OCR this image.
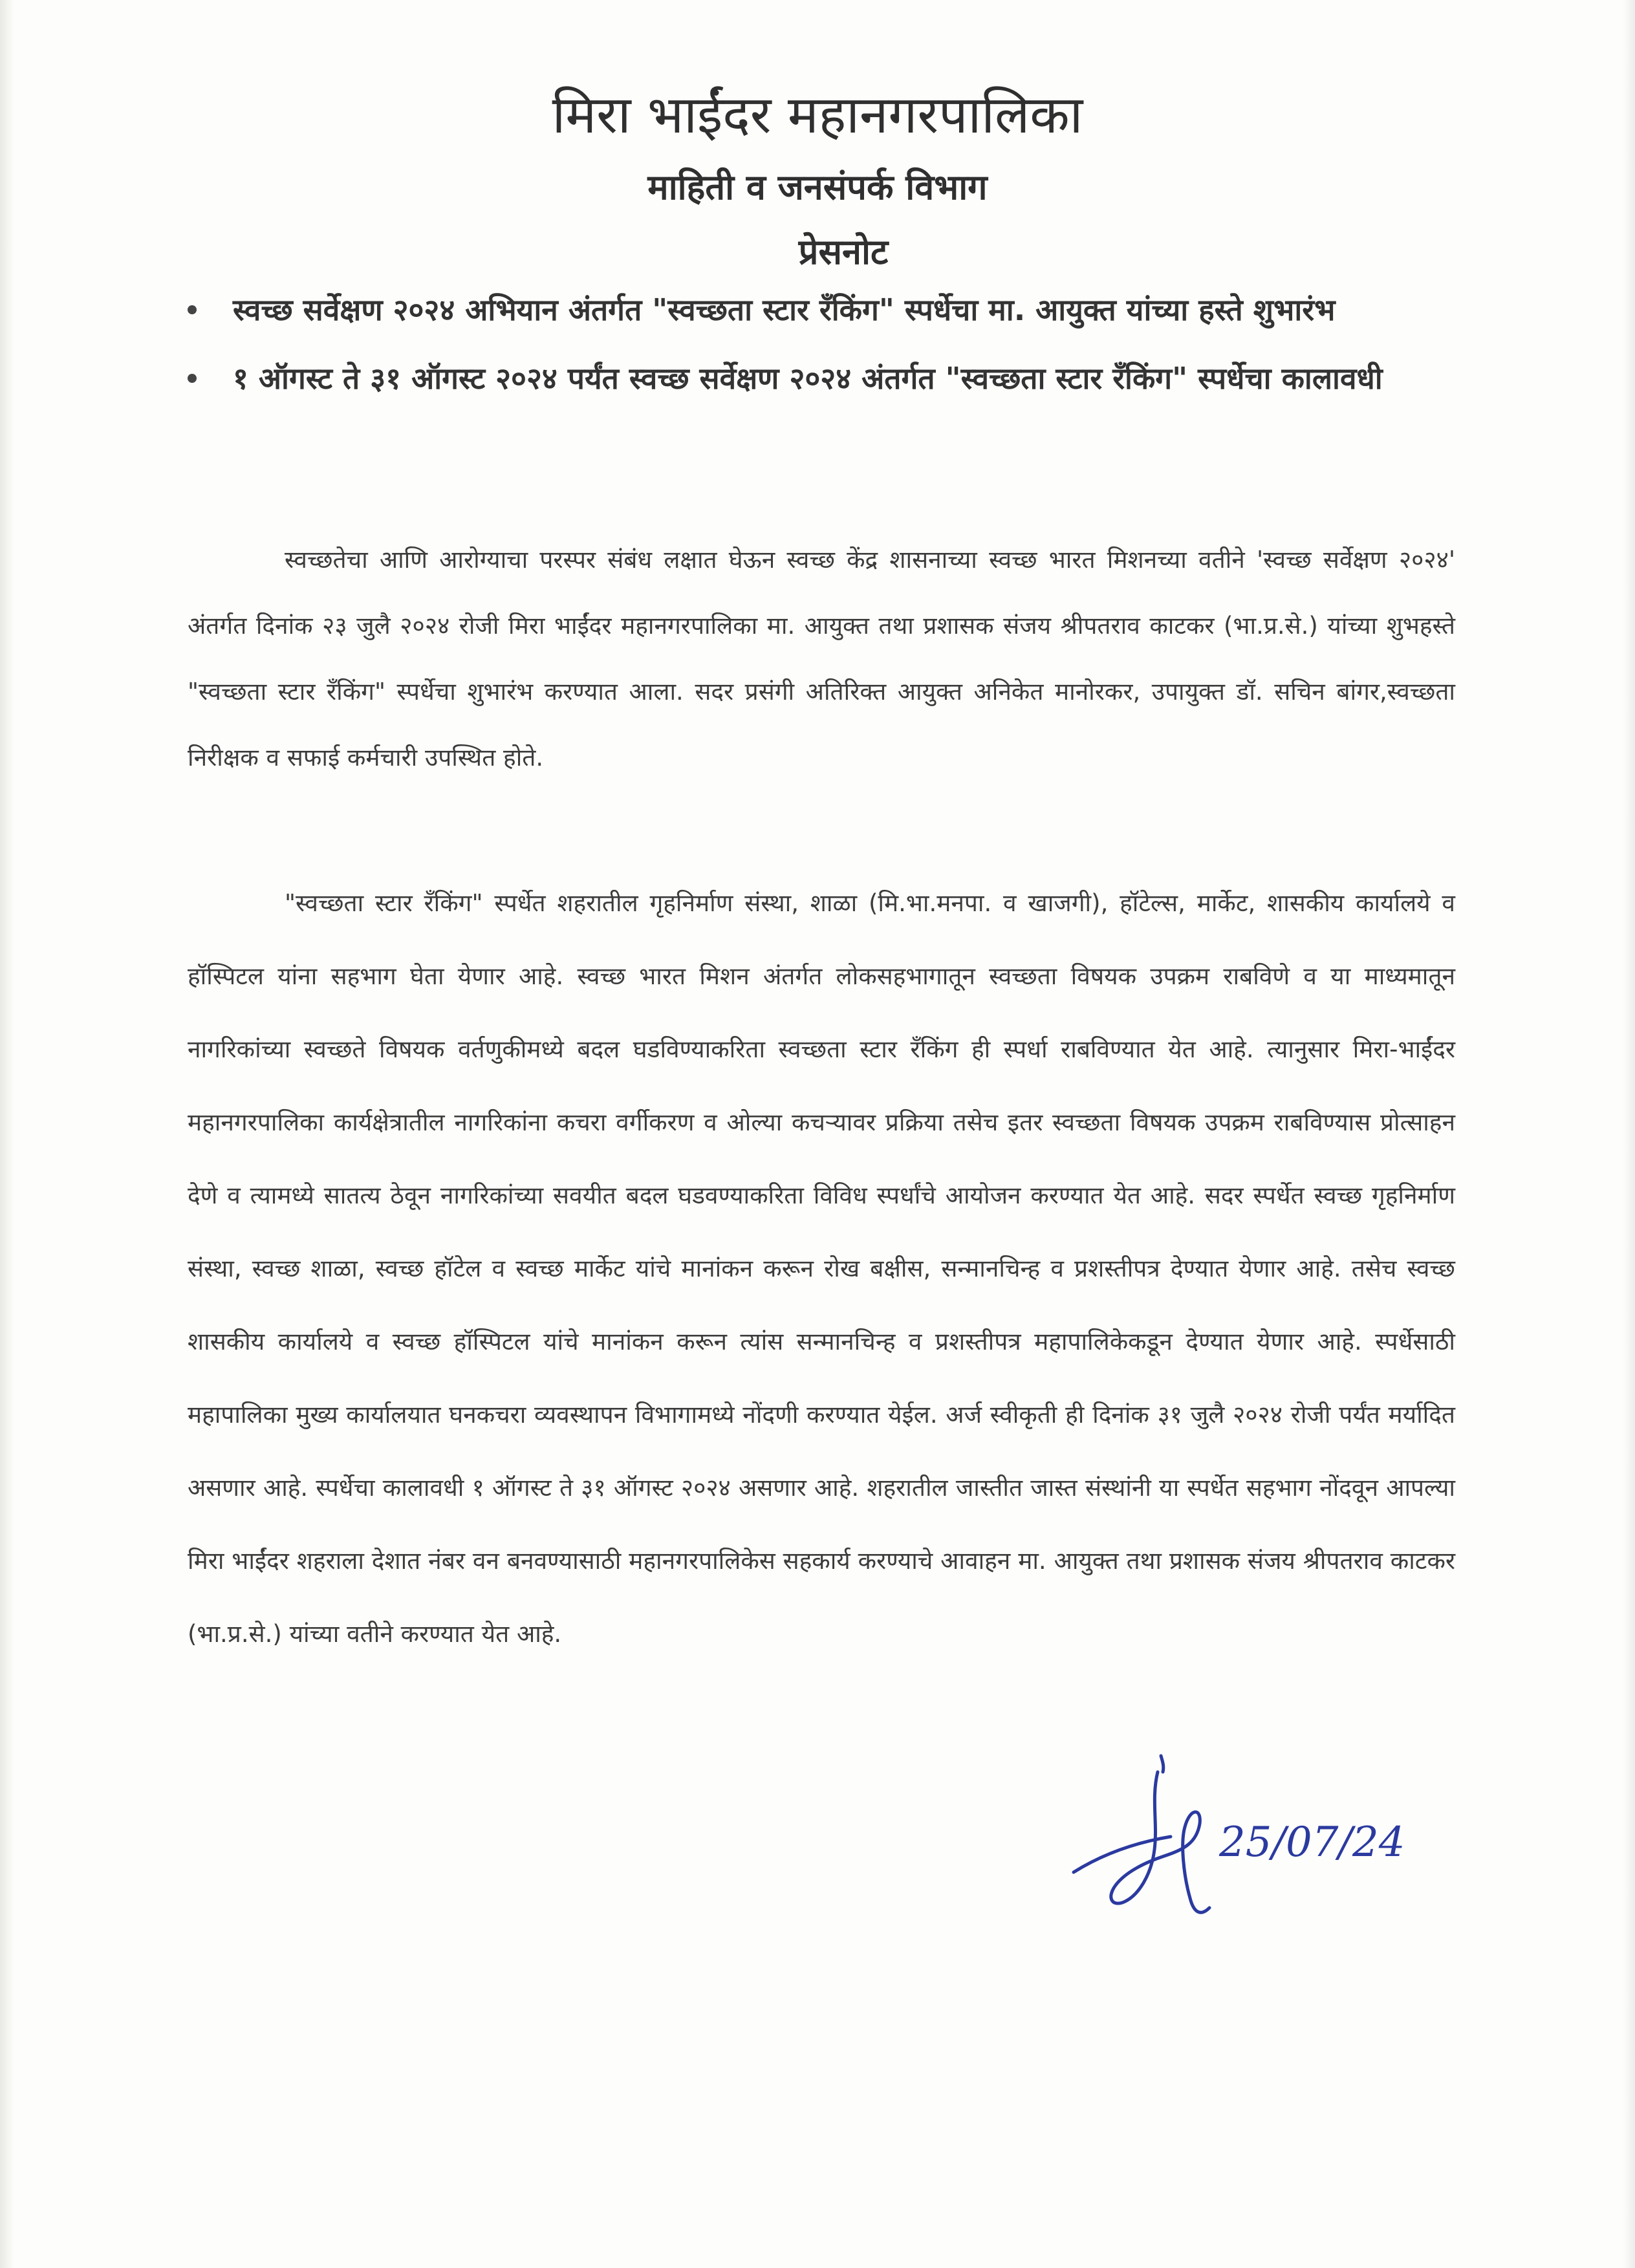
मिरा भाईंदर महानगरपालिका
माहिती व जनसंपर्क विभाग
प्रेसनोट
स्वच्छ सर्वेक्षण २०२४ अभियान अंतर्गत "स्वच्छता स्टार रँकिंग" स्पर्धेचा मा. आयुक्त यांच्या हस्ते शुभारंभ
१ ऑगस्ट ते ३१ ऑगस्ट २०२४ पर्यंत स्वच्छ सर्वेक्षण २०२४ अंतर्गत "स्वच्छता स्टार रँकिंग" स्पर्धेचा कालावधी

स्वच्छतेचा आणि आरोग्याचा परस्पर संबंध लक्षात घेऊन स्वच्छ केंद्र शासनाच्या स्वच्छ भारत मिशनच्या वतीने 'स्वच्छ सर्वेक्षण २०२४' अंतर्गत दिनांक २३ जुलै २०२४ रोजी मिरा भाईंदर महानगरपालिका मा. आयुक्त तथा प्रशासक संजय श्रीपतराव काटकर (भा.प्र.से.) यांच्या शुभहस्ते "स्वच्छता स्टार रँकिंग" स्पर्धेचा शुभारंभ करण्यात आला. सदर प्रसंगी अतिरिक्त आयुक्त अनिकेत मानोरकर, उपायुक्त डॉ. सचिन बांगर,स्वच्छता निरीक्षक व सफाई कर्मचारी उपस्थित होते.

"स्वच्छता स्टार रँकिंग" स्पर्धेत शहरातील गृहनिर्माण संस्था, शाळा (मि.भा.मनपा. व खाजगी), हॉटेल्स, मार्केट, शासकीय कार्यालये व हॉस्पिटल यांना सहभाग घेता येणार आहे. स्वच्छ भारत मिशन अंतर्गत लोकसहभागातून स्वच्छता विषयक उपक्रम राबविणे व या माध्यमातून नागरिकांच्या स्वच्छते विषयक वर्तणुकीमध्ये बदल घडविण्याकरिता स्वच्छता स्टार रँकिंग ही स्पर्धा राबविण्यात येत आहे. त्यानुसार मिरा-भाईंदर महानगरपालिका कार्यक्षेत्रातील नागरिकांना कचरा वर्गीकरण व ओल्या कचऱ्यावर प्रक्रिया तसेच इतर स्वच्छता विषयक उपक्रम राबविण्यास प्रोत्साहन देणे व त्यामध्ये सातत्य ठेवून नागरिकांच्या सवयीत बदल घडवण्याकरिता विविध स्पर्धांचे आयोजन करण्यात येत आहे. सदर स्पर्धेत स्वच्छ गृहनिर्माण संस्था, स्वच्छ शाळा, स्वच्छ हॉटेल व स्वच्छ मार्केट यांचे मानांकन करून रोख बक्षीस, सन्मानचिन्ह व प्रशस्तीपत्र देण्यात येणार आहे. तसेच स्वच्छ शासकीय कार्यालये व स्वच्छ हॉस्पिटल यांचे मानांकन करून त्यांस सन्मानचिन्ह व प्रशस्तीपत्र महापालिकेकडून देण्यात येणार आहे. स्पर्धेसाठी महापालिका मुख्य कार्यालयात घनकचरा व्यवस्थापन विभागामध्ये नोंदणी करण्यात येईल. अर्ज स्वीकृती ही दिनांक ३१ जुलै २०२४ रोजी पर्यंत मर्यादित असणार आहे. स्पर्धेचा कालावधी १ ऑगस्ट ते ३१ ऑगस्ट २०२४ असणार आहे. शहरातील जास्तीत जास्त संस्थांनी या स्पर्धेत सहभाग नोंदवून आपल्या मिरा भाईंदर शहराला देशात नंबर वन बनवण्यासाठी महानगरपालिकेस सहकार्य करण्याचे आवाहन मा. आयुक्त तथा प्रशासक संजय श्रीपतराव काटकर (भा.प्र.से.) यांच्या वतीने करण्यात येत आहे.

25/07/24
